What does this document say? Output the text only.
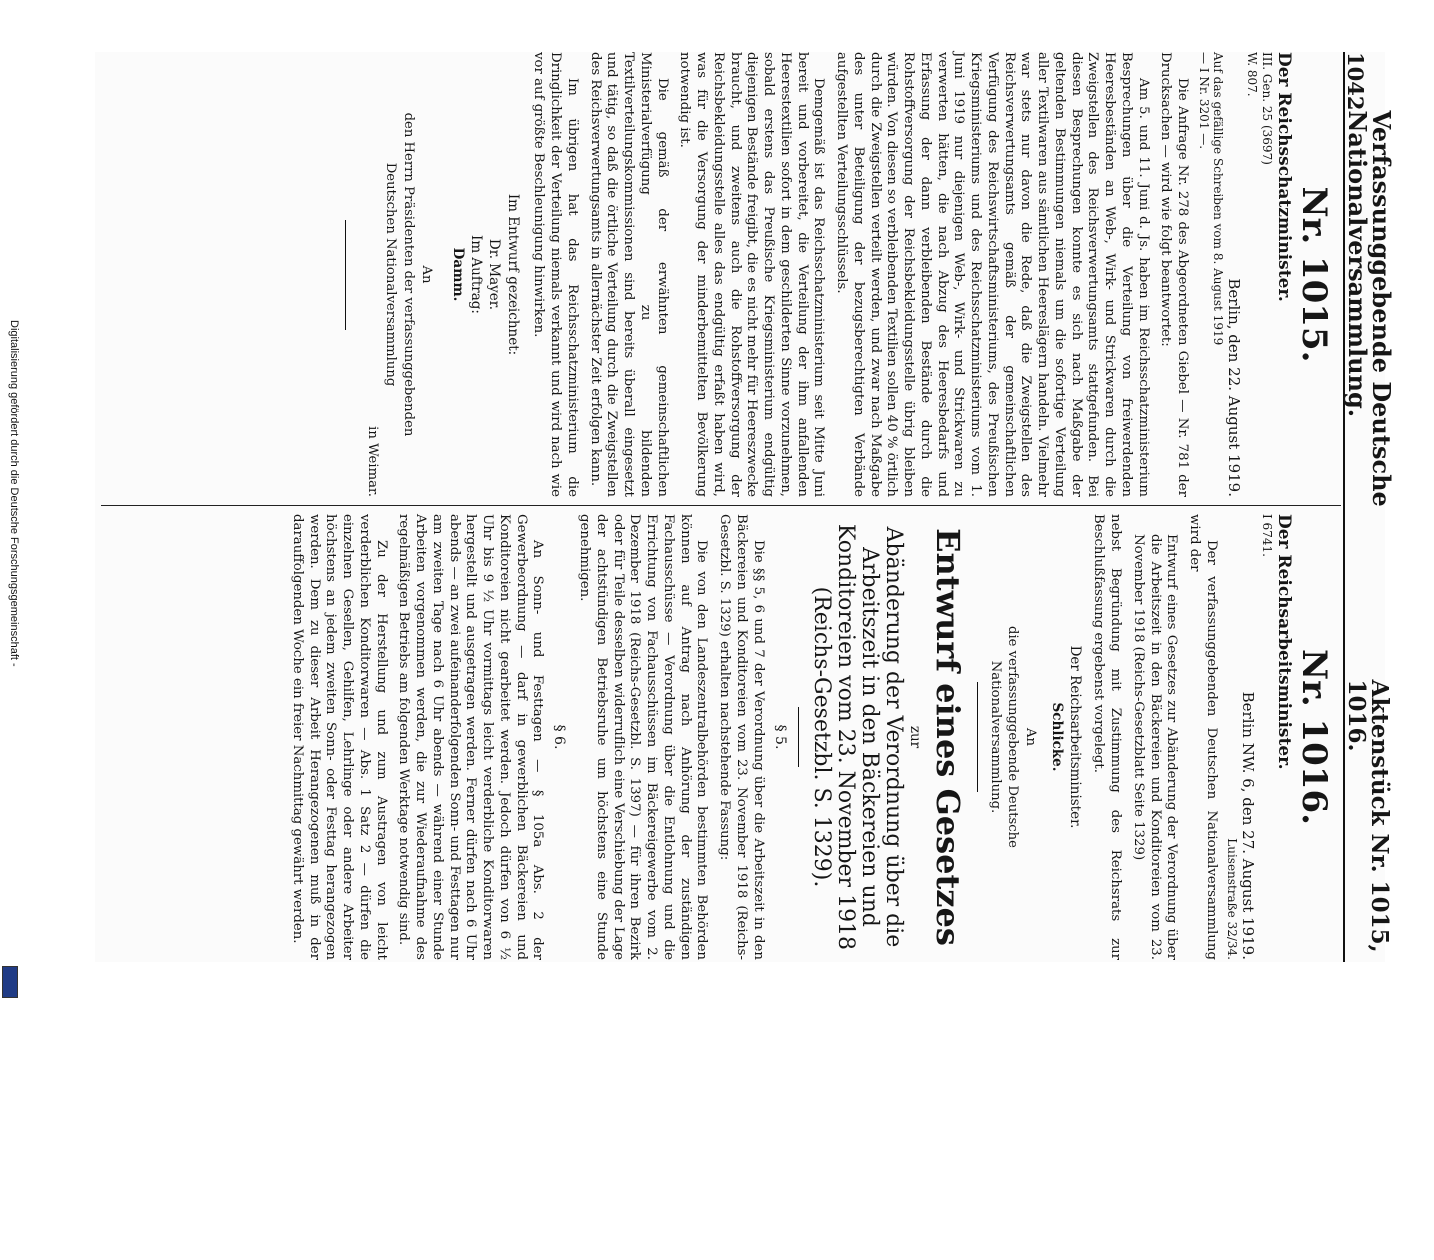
Digitalisierung gefördert durch die Deutsche Forschungsgemeinschaft -
1042
Verfassunggebende Deutsche Nationalversammlung.
Aktenstück Nr. 1015, 1016.
Nr. 1015.
Der Reichsschatzminister.
III. Gen. 25 (3697)
W. 807.
Berlin, den 22. August 1919.
Auf das gefällige Schreiben vom 8. August 1919
— I Nr. 3201 —.

Die Anfrage Nr. 278 des Abgeordneten Giebel — Nr. 781 der Drucksachen — wird wie folgt beantwortet:

Am 5. und 11. Juni d. Js. haben im Reichsschatzministerium Besprechungen über die Verteilung von freiwerdenden Heeresbeständen an Web-, Wirk- und Strickwaren durch die Zweigstellen des Reichsverwertungsamts stattgefunden. Bei diesen Besprechungen konnte es sich nach Maßgabe der geltenden Bestimmungen niemals um die sofortige Verteilung aller Textilwaren aus sämtlichen Heereslägern handeln. Vielmehr war stets nur davon die Rede, daß die Zweigstellen des Reichsverwertungsamts gemäß der gemeinschaftlichen Verfügung des Reichswirtschaftsministeriums, des Preußischen Kriegsministeriums und des Reichsschatzministeriums vom 1. Juni 1919 nur diejenigen Web-, Wirk- und Strickwaren zu verwerten hätten, die nach Abzug des Heeresbedarfs und Erfassung der dann verbleibenden Bestände durch die Rohstoffversorgung der Reichsbekleidungsstelle übrig bleiben würden. Von diesen so verbleibenden Textilien sollen 40 % örtlich durch die Zweigstellen verteilt werden, und zwar nach Maßgabe des unter Beteiligung der bezugsberechtigten Verbände aufgestellten Verteilungsschlüssels.

Demgemäß ist das Reichsschatzministerium seit Mitte Juni bereit und vorbereitet, die Verteilung der ihm anfallenden Heerestextilien sofort in dem geschilderten Sinne vorzunehmen, sobald erstens das Preußische Kriegsministerium endgültig diejenigen Bestände freigibt, die es nicht mehr für Heereszwecke braucht, und zweitens auch die Rohstoffversorgung der Reichsbekleidungsstelle alles das endgültig erfaßt haben wird, was für die Versorgung der minderbemittelten Bevölkerung notwendig ist.

Die gemäß der erwähnten gemeinschaftlichen Ministerialverfügung zu bildenden Textilverteilungskommissionen sind bereits überall eingesetzt und tätig, so daß die örtliche Verteilung durch die Zweigstellen des Reichsverwertungsamts in allernächster Zeit erfolgen kann.

Im übrigen hat das Reichsschatzministerium die Dringlichkeit der Verteilung niemals verkannt und wird nach wie vor auf größte Beschleunigung hinwirken.

Im Entwurf gezeichnet:
Dr. Mayer.
Im Auftrag:
Damm.
An
den Herrn Präsidenten der verfassunggebenden
Deutschen Nationalversammlung
in Weimar.
Nr. 1016.
Der Reichsarbeitsminister.
I 6741.
Berlin NW. 6, den 27. August 1919.
Luisenstraße 32/34.

Der verfassunggebenden Deutschen Nationalversammlung wird der

Entwurf eines Gesetzes zur Abänderung der Verordnung über die Arbeitszeit in den Bäckereien und Konditoreien vom 23. November 1918 (Reichs-Gesetzblatt Seite 1329)

nebst Begründung mit Zustimmung des Reichsrats zur Beschlußfassung ergebenst vorgelegt.

Der Reichsarbeitsminister.
Schlicke.
An
die verfassunggebende Deutsche
Nationalversammlung.
Entwurf eines Gesetzes
zur
Abänderung der Verordnung über die Arbeitszeit in den Bäckereien und Konditoreien vom 23. November 1918 (Reichs-Gesetzbl. S. 1329).
§ 5.

Die §§ 5, 6 und 7 der Verordnung über die Arbeitszeit in den Bäckereien und Konditoreien vom 23. November 1918 (Reichs-Gesetzbl. S. 1329) erhalten nachstehende Fassung:

Die von den Landeszentralbehörden bestimmten Behörden können auf Antrag nach Anhörung der zuständigen Fachausschüsse — Verordnung über die Entlohnung und die Errichtung von Fachausschüssen im Bäckereigewerbe vom 2. Dezember 1918 (Reichs-Gesetzbl. S. 1397) — für ihren Bezirk oder für Teile desselben widerruflich eine Verschiebung der Lage der achtstündigen Betriebsruhe um höchstens eine Stunde genehmigen.

§ 6.

An Sonn- und Festtagen — § 105a Abs. 2 der Gewerbeordnung — darf in gewerblichen Bäckereien und Konditoreien nicht gearbeitet werden. Jedoch dürfen von 6 ½ Uhr bis 9 ½ Uhr vormittags leicht verderbliche Konditorwaren hergestellt und ausgetragen werden. Ferner dürfen nach 6 Uhr abends — an zwei aufeinanderfolgenden Sonn- und Festtagen nur am zweiten Tage nach 6 Uhr abends — während einer Stunde Arbeiten vorgenommen werden, die zur Wiederaufnahme des regelmäßigen Betriebs am folgenden Werktage notwendig sind.

Zu der Herstellung und zum Austragen von leicht verderblichen Konditorwaren — Abs. 1 Satz 2 — dürfen die einzelnen Gesellen, Gehilfen, Lehrlinge oder andere Arbeiter höchstens an jedem zweiten Sonn- oder Festtag herangezogen werden. Dem zu dieser Arbeit Herangezogenen muß in der darauffolgenden Woche ein freier Nachmittag gewährt werden.
